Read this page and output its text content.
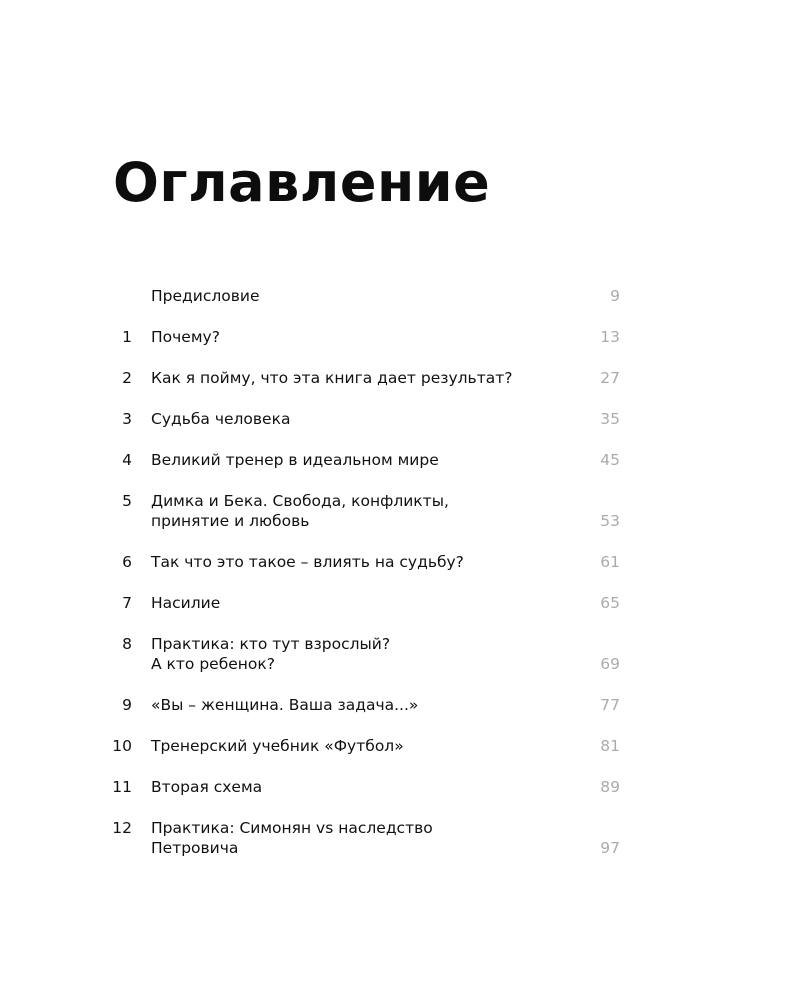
Оглавление
Предисловие	9
1	Почему?	13
2	Как я пойму, что эта книга дает результат?	27
3	Судьба человека	35
4	Великий тренер в идеальном мире	45
5	Димка и Бека. Свобода, конфликты,
принятие и любовь	53
6	Так что это такое – влиять на судьбу?	61
7	Насилие	65
8	Практика: кто тут взрослый?
А кто ребенок?	69
9	«Вы – женщина. Ваша задача...»	77
10	Тренерский учебник «Футбол»	81
11	Вторая схема	89
12	Практика: Симонян vs наследство
Петровича	97
